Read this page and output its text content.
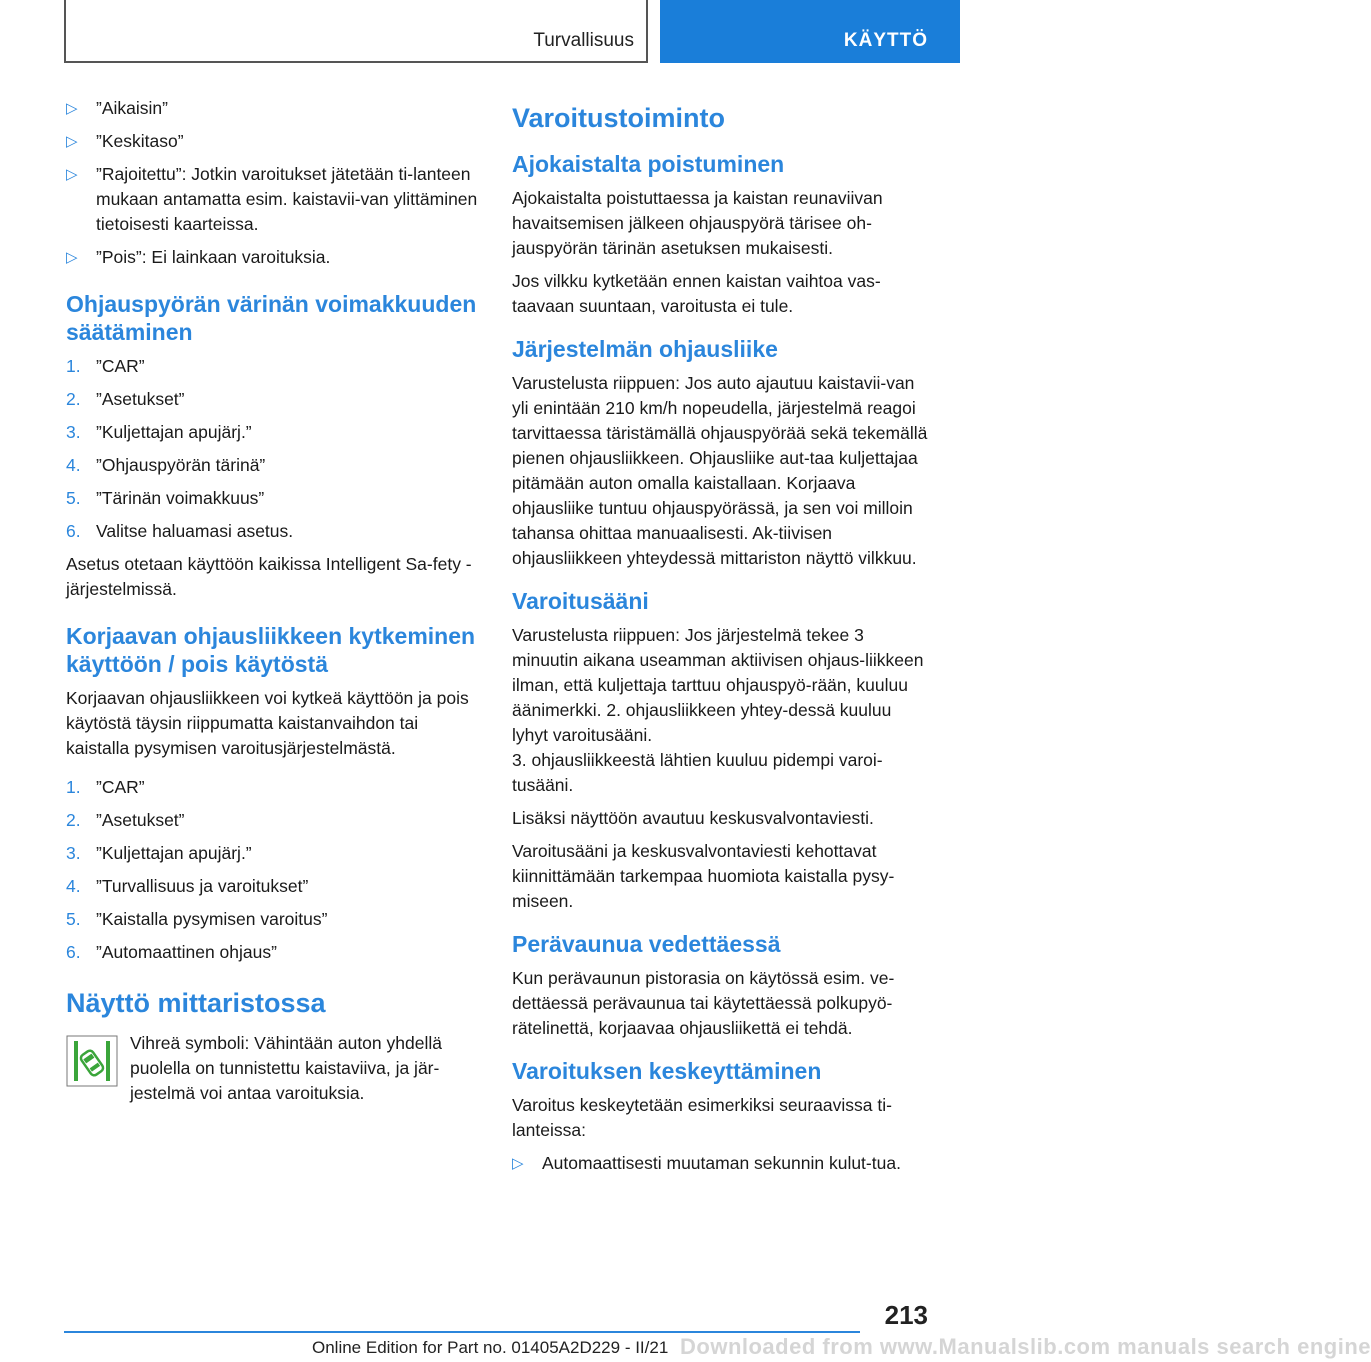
Turvallisuus	KÄYTTÖ
▷ ”Aikaisin”
▷ ”Keskitaso”
▷ ”Rajoitettu”: Jotkin varoitukset jätetään ti-lanteen mukaan antamatta esim. kaistavii-van ylittäminen tietoisesti kaarteissa.
▷ ”Pois”: Ei lainkaan varoituksia.
Ohjauspyörän värinän voimakkuuden säätäminen
1. ”CAR”
2. ”Asetukset”
3. ”Kuljettajan apujärj.”
4. ”Ohjauspyörän tärinä”
5. ”Tärinän voimakkuus”
6. Valitse haluamasi asetus.

Asetus otetaan käyttöön kaikissa Intelligent Sa-fety -järjestelmissä.

Korjaavan ohjausliikkeen kytkeminen käyttöön / pois käytöstä

Korjaavan ohjausliikkeen voi kytkeä käyttöön ja pois käytöstä täysin riippumatta kaistanvaihdon tai kaistalla pysymisen varoitusjärjestelmästä.

1. ”CAR”
2. ”Asetukset”
3. ”Kuljettajan apujärj.”
4. ”Turvallisuus ja varoitukset”
5. ”Kaistalla pysymisen varoitus”
6. ”Automaattinen ohjaus”
Näyttö mittaristossa

Vihreä symboli: Vähintään auton yhdellä puolella on tunnistettu kaistaviiva, ja jär-jestelmä voi antaa varoituksia.

Varoitustoiminto
Ajokaistalta poistuminen

Ajokaistalta poistuttaessa ja kaistan reunaviivan havaitsemisen jälkeen ohjauspyörä tärisee oh-jauspyörän tärinän asetuksen mukaisesti.

Jos vilkku kytketään ennen kaistan vaihtoa vas-taavaan suuntaan, varoitusta ei tule.

Järjestelmän ohjausliike

Varustelusta riippuen: Jos auto ajautuu kaistavii-van yli enintään 210 km/h nopeudella, järjestelmä reagoi tarvittaessa täristämällä ohjauspyörää sekä tekemällä pienen ohjausliikkeen. Ohjausliike aut-taa kuljettajaa pitämään auton omalla kaistallaan. Korjaava ohjausliike tuntuu ohjauspyörässä, ja sen voi milloin tahansa ohittaa manuaalisesti. Ak-tiivisen ohjausliikkeen yhteydessä mittariston näyttö vilkkuu.

Varoitusääni

Varustelusta riippuen: Jos järjestelmä tekee 3 minuutin aikana useamman aktiivisen ohjaus-liikkeen ilman, että kuljettaja tarttuu ohjauspyö-rään, kuuluu äänimerkki. 2. ohjausliikkeen yhtey-dessä kuuluu lyhyt varoitusääni.

3. ohjausliikkeestä lähtien kuuluu pidempi varoi-tusääni.

Lisäksi näyttöön avautuu keskusvalvontaviesti.

Varoitusääni ja keskusvalvontaviesti kehottavat kiinnittämään tarkempaa huomiota kaistalla pysy-miseen.

Perävaunua vedettäessä

Kun perävaunun pistorasia on käytössä esim. ve-dettäessä perävaunua tai käytettäessä polkupyö-rätelinettä, korjaavaa ohjausliikettä ei tehdä.

Varoituksen keskeyttäminen

Varoitus keskeytetään esimerkiksi seuraavissa ti-lanteissa:

▷ Automaattisesti muutaman sekunnin kulut-tua.
213
Online Edition for Part no. 01405A2D229 - II/21 Downloaded from www.Manualslib.com manuals search engine
